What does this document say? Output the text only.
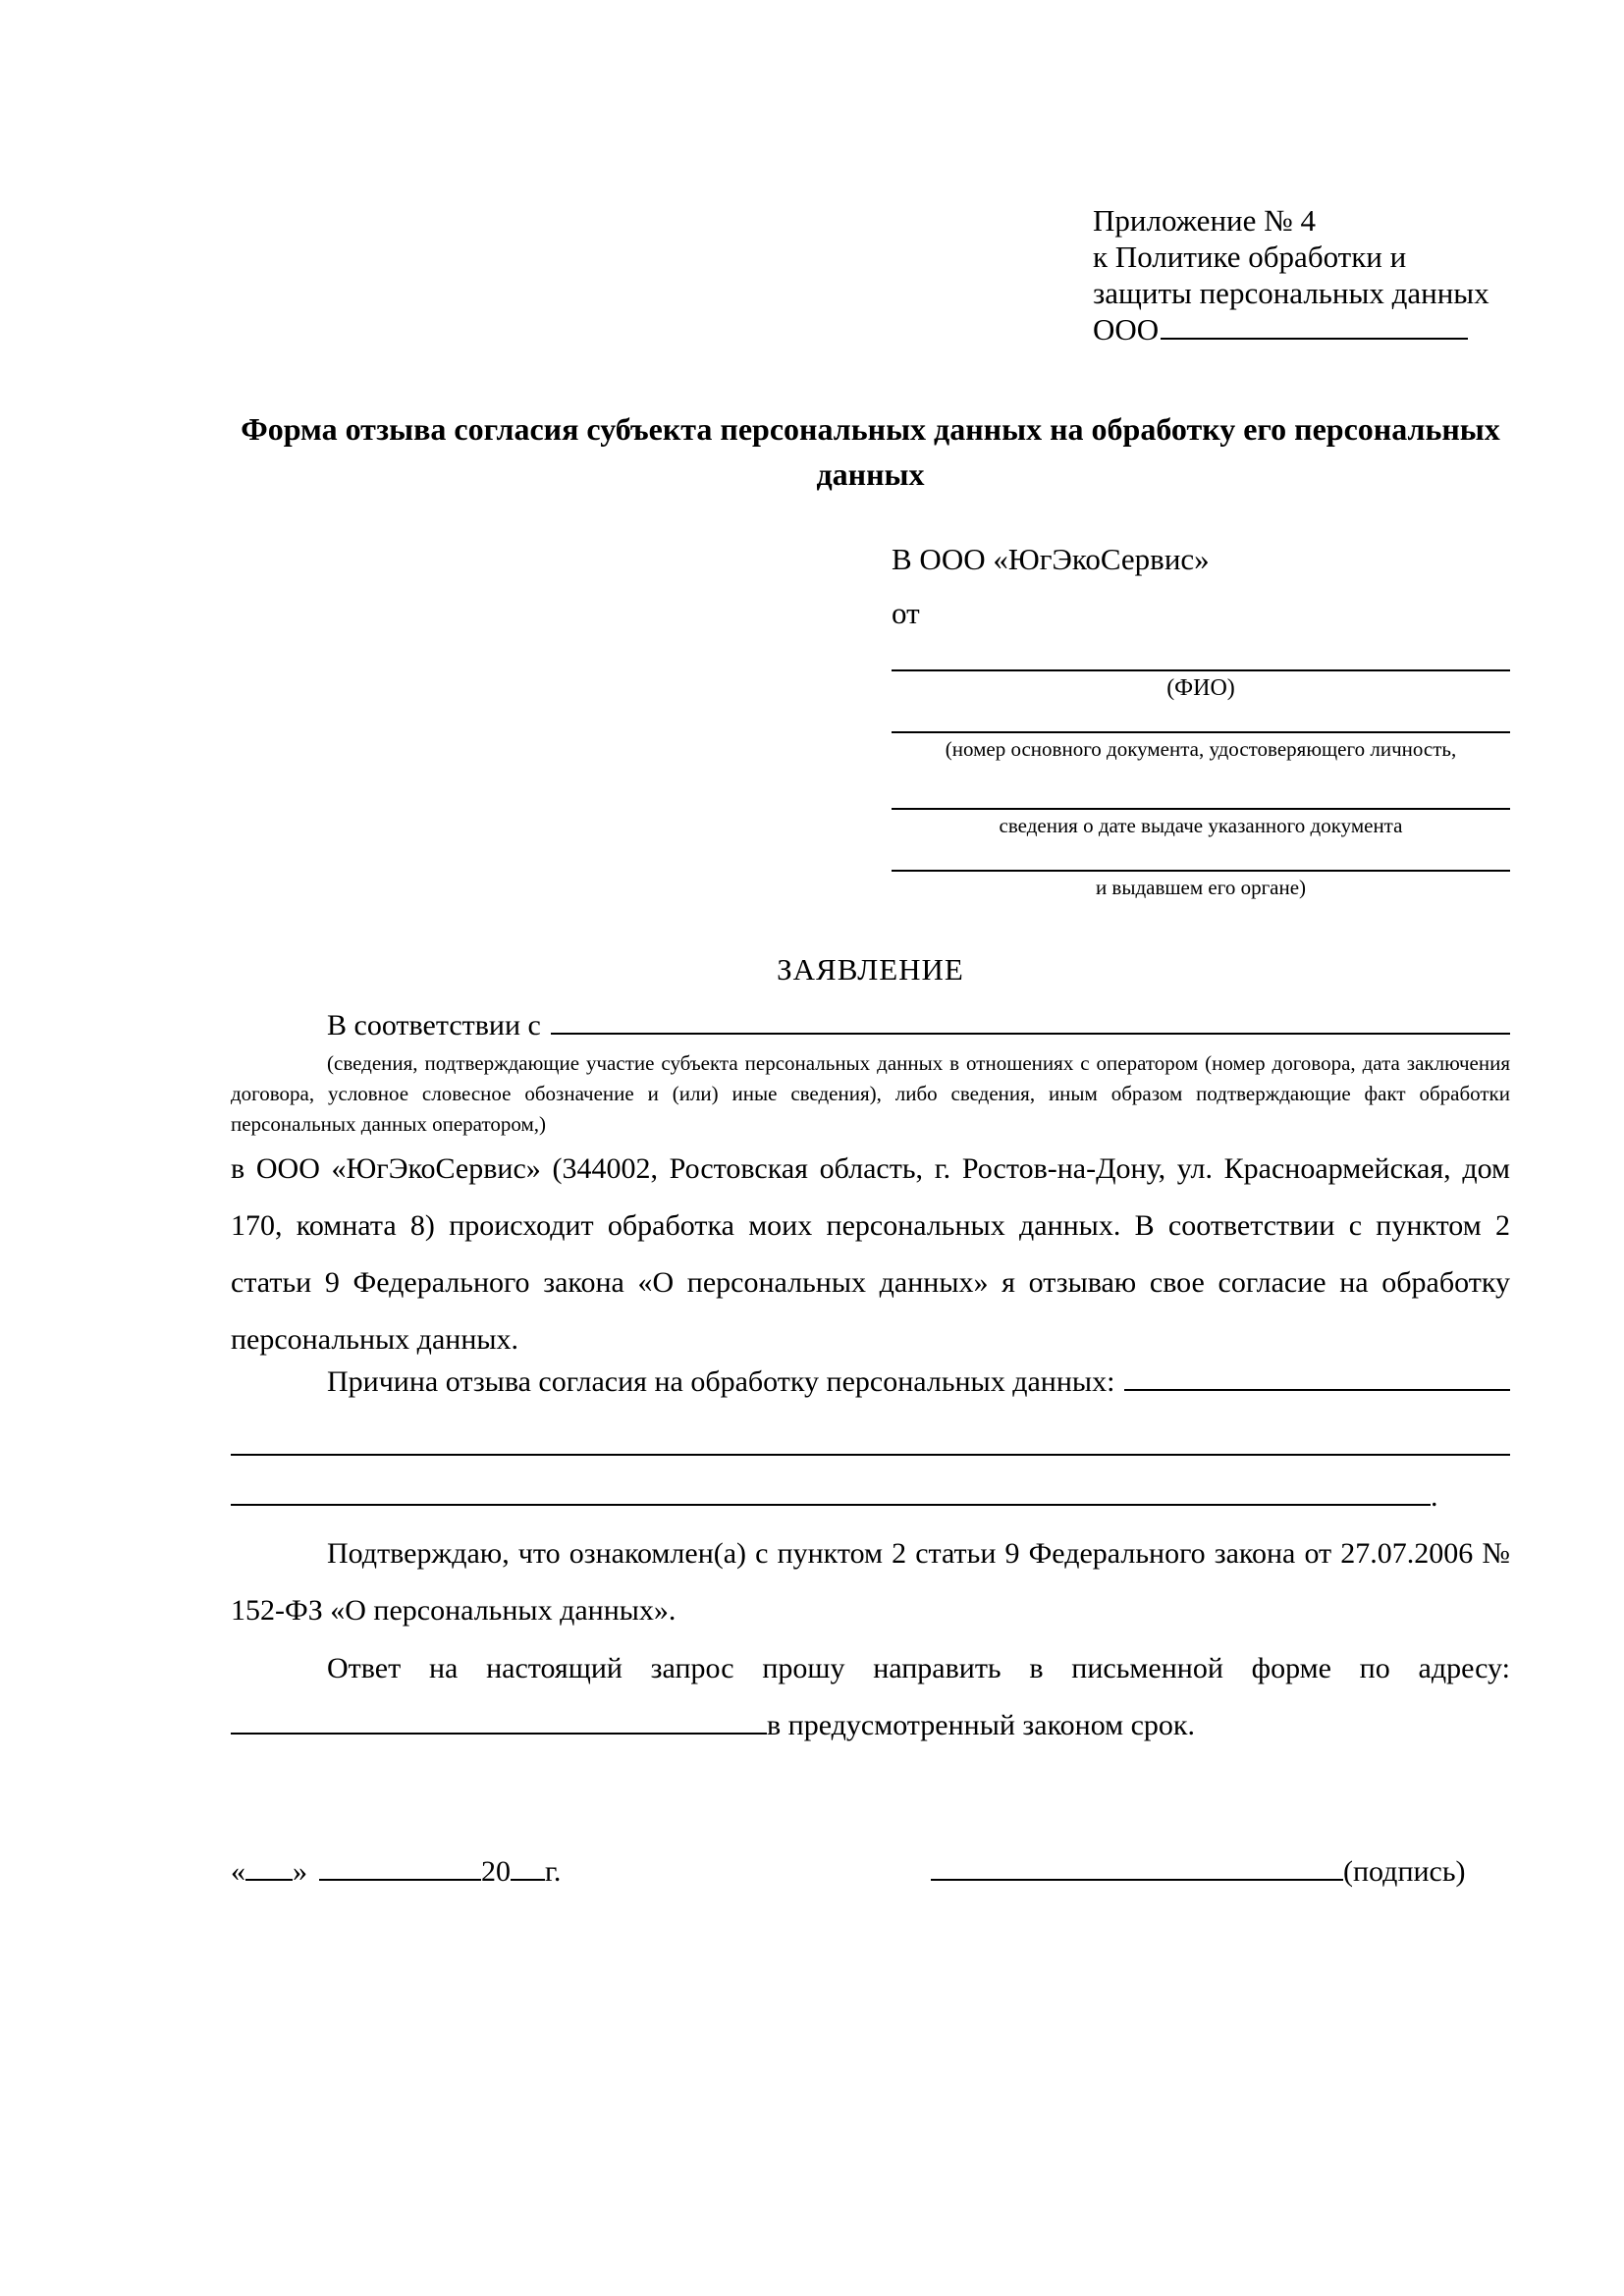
Приложение № 4
к Политике обработки и
защиты персональных данных
ООО
Форма отзыва согласия субъекта персональных данных на обработку его персональных данных
В ООО «ЮгЭкоСервис»
от
(ФИО)
(номер основного документа, удостоверяющего личность,
сведения о дате выдаче указанного документа
и выдавшем его органе)
ЗАЯВЛЕНИЕ
В соответствии с
(сведения, подтверждающие участие субъекта персональных данных в отношениях с оператором (номер договора, дата заключения договора, условное словесное обозначение и (или) иные сведения), либо сведения, иным образом подтверждающие факт обработки персональных данных оператором,)
в ООО «ЮгЭкоСервис» (344002, Ростовская область, г. Ростов-на-Дону, ул. Красноармейская, дом 170, комната 8) происходит обработка моих персональных данных. В соответствии с пунктом 2 статьи 9 Федерального закона «О персональных данных» я отзываю свое согласие на обработку персональных данных.
Причина отзыва согласия на обработку персональных данных:
.
Подтверждаю, что ознакомлен(а) с пунктом 2 статьи 9 Федерального закона от 27.07.2006 № 152-ФЗ «О персональных данных».
Ответ на настоящий запрос прошу направить в письменной форме по адресу:
в предусмотренный законом срок.
« »	20 г.	(подпись)
